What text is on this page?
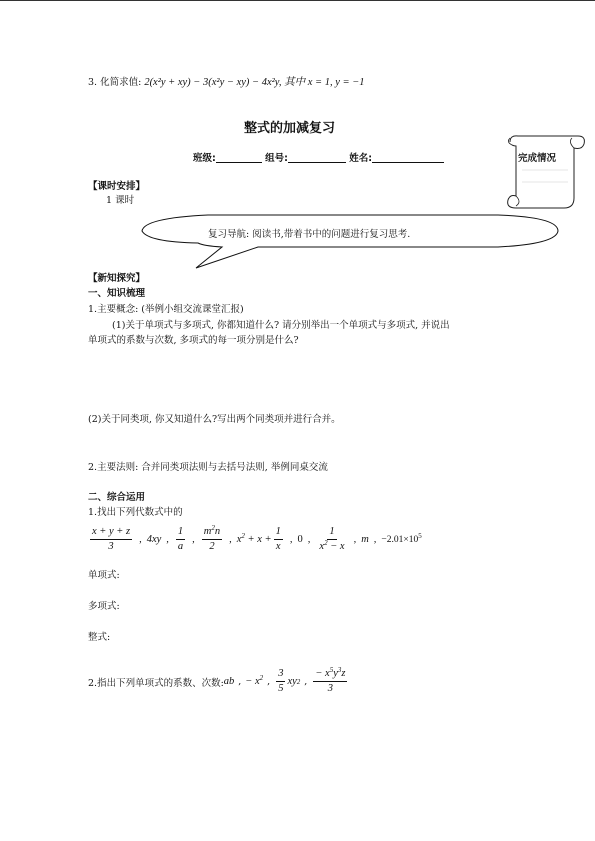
3. 化简求值: 2(x²y + xy) − 3(x²y − xy) − 4x²y, 其中 x = 1, y = −1
整式的加减复习
班级:	组号:	姓名:	完成情况
【课时安排】
1 课时
复习导航: 阅读书,带着书中的问题进行复习思考.
【新知探究】
一、知识梳理
1.主要概念: (举例小组交流课堂汇报)
(1)关于单项式与多项式, 你都知道什么? 请分别举出一个单项式与多项式, 并说出
单项式的系数与次数, 多项式的每一项分别是什么?
(2)关于同类项, 你又知道什么?写出两个同类项并进行合并。
2.主要法则: 合并同类项法则与去括号法则, 举例同桌交流
二、综合运用
1.找出下列代数式中的
$\frac{x + y + z}{3}$ , 4xy , $\frac{1}{a}$ , $\frac{m^2n}{2}$ , $x^2 + x + \frac{1}{x}$ , 0 , $\frac{1}{x^2 - x}$ , m , $-2.01\times 10^5$
单项式:
多项式:
整式:
2.指出下列单项式的系数、次数: ab , − $x^2$ , $\frac{3}{5}$ xy 2 , $\frac{- x^5y^3z}{3}$
